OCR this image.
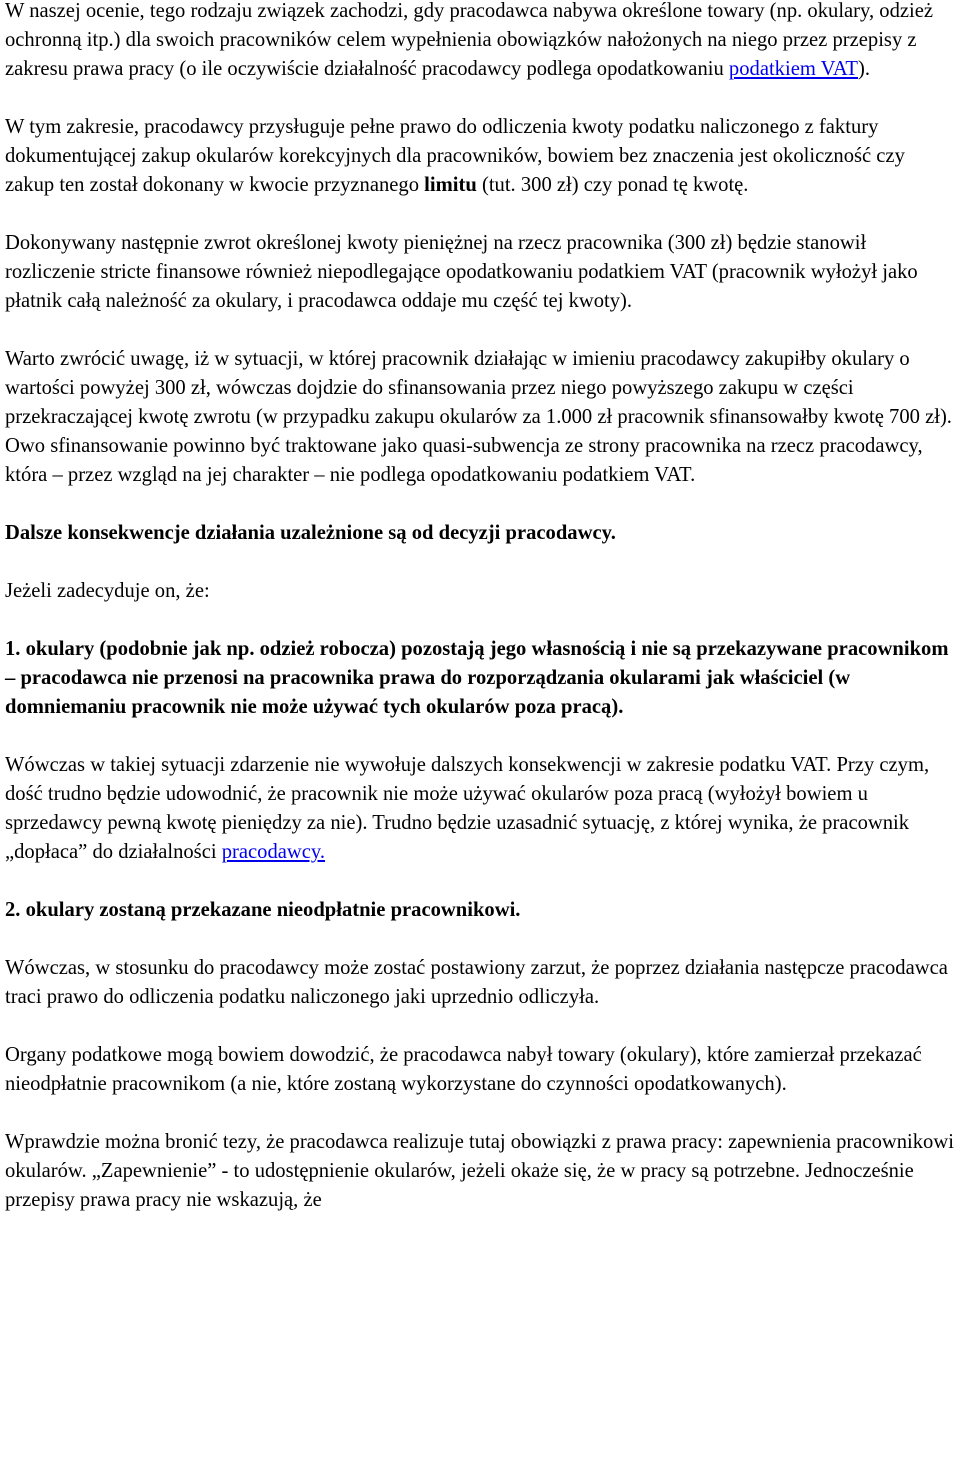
W naszej ocenie, tego rodzaju związek zachodzi, gdy pracodawca nabywa określone towary (np. okulary, odzież ochronną itp.) dla swoich pracowników celem wypełnienia obowiązków nałożonych na niego przez przepisy z zakresu prawa pracy (o ile oczywiście działalność pracodawcy podlega opodatkowaniu podatkiem VAT).

W tym zakresie, pracodawcy przysługuje pełne prawo do odliczenia kwoty podatku naliczonego z faktury dokumentującej zakup okularów korekcyjnych dla pracowników, bowiem bez znaczenia jest okoliczność czy zakup ten został dokonany w kwocie przyznanego limitu (tut. 300 zł) czy ponad tę kwotę.

Dokonywany następnie zwrot określonej kwoty pieniężnej na rzecz pracownika (300 zł) będzie stanowił rozliczenie stricte finansowe również niepodlegające opodatkowaniu podatkiem VAT (pracownik wyłożył jako płatnik całą należność za okulary, i pracodawca oddaje mu część tej kwoty).

Warto zwrócić uwagę, iż w sytuacji, w której pracownik działając w imieniu pracodawcy zakupiłby okulary o wartości powyżej 300 zł, wówczas dojdzie do sfinansowania przez niego powyższego zakupu w części przekraczającej kwotę zwrotu (w przypadku zakupu okularów za 1.000 zł pracownik sfinansowałby kwotę 700 zł). Owo sfinansowanie powinno być traktowane jako quasi-subwencja ze strony pracownika na rzecz pracodawcy, która – przez wzgląd na jej charakter – nie podlega opodatkowaniu podatkiem VAT.

Dalsze konsekwencje działania uzależnione są od decyzji pracodawcy.

Jeżeli zadecyduje on, że:

1. okulary (podobnie jak np. odzież robocza) pozostają jego własnością i nie są przekazywane pracownikom – pracodawca nie przenosi na pracownika prawa do rozporządzania okularami jak właściciel (w domniemaniu pracownik nie może używać tych okularów poza pracą).

Wówczas w takiej sytuacji zdarzenie nie wywołuje dalszych konsekwencji w zakresie podatku VAT. Przy czym, dość trudno będzie udowodnić, że pracownik nie może używać okularów poza pracą (wyłożył bowiem u sprzedawcy pewną kwotę pieniędzy za nie). Trudno będzie uzasadnić sytuację, z której wynika, że pracownik „dopłaca” do działalności pracodawcy.

2. okulary zostaną przekazane nieodpłatnie pracownikowi.

Wówczas, w stosunku do pracodawcy może zostać postawiony zarzut, że poprzez działania następcze pracodawca traci prawo do odliczenia podatku naliczonego jaki uprzednio odliczyła.

Organy podatkowe mogą bowiem dowodzić, że pracodawca nabył towary (okulary), które zamierzał przekazać nieodpłatnie pracownikom (a nie, które zostaną wykorzystane do czynności opodatkowanych).

Wprawdzie można bronić tezy, że pracodawca realizuje tutaj obowiązki z prawa pracy: zapewnienia pracownikowi okularów. „Zapewnienie” - to udostępnienie okularów, jeżeli okaże się, że w pracy są potrzebne. Jednocześnie przepisy prawa pracy nie wskazują, że
